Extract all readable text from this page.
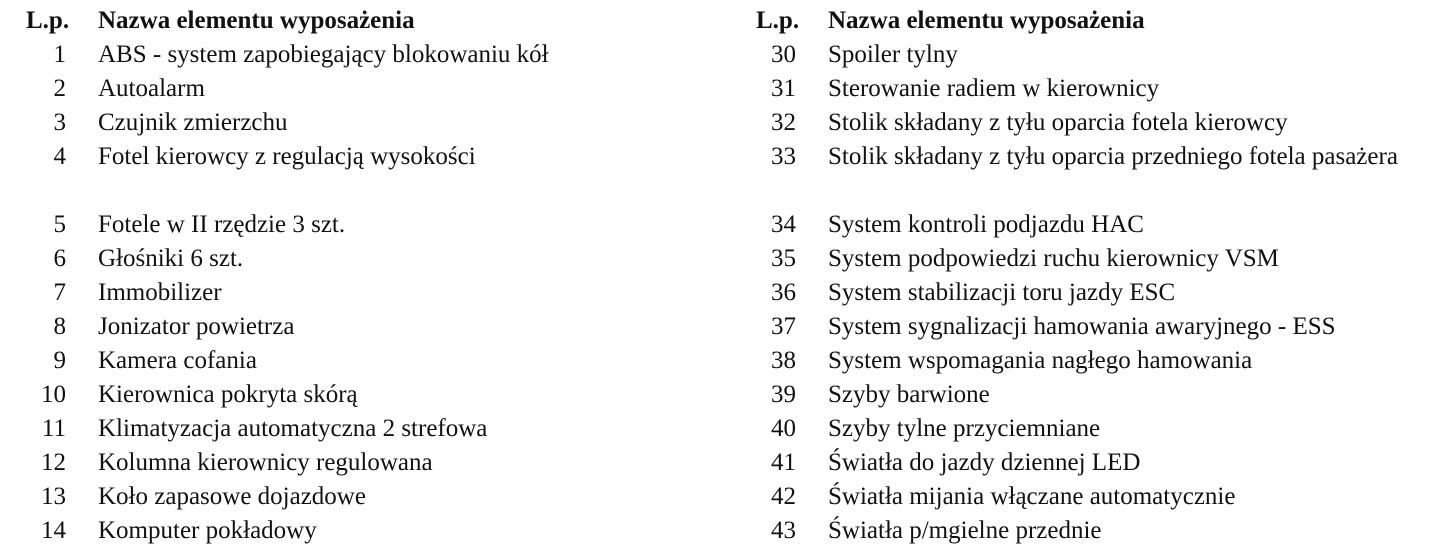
L.p.	Nazwa elementu wyposażenia
1	ABS - system zapobiegający blokowaniu kół
2	Autoalarm
3	Czujnik zmierzchu
4	Fotel kierowcy z regulacją wysokości
5	Fotele w II rzędzie 3 szt.
6	Głośniki 6 szt.
7	Immobilizer
8	Jonizator powietrza
9	Kamera cofania
10	Kierownica pokryta skórą
11	Klimatyzacja automatyczna 2 strefowa
12	Kolumna kierownicy regulowana
13	Koło zapasowe dojazdowe
14	Komputer pokładowy
L.p.	Nazwa elementu wyposażenia
30	Spoiler tylny
31	Sterowanie radiem w kierownicy
32	Stolik składany z tyłu oparcia fotela kierowcy
33	Stolik składany z tyłu oparcia przedniego fotela pasażera
34	System kontroli podjazdu HAC
35	System podpowiedzi ruchu kierownicy VSM
36	System stabilizacji toru jazdy ESC
37	System sygnalizacji hamowania awaryjnego - ESS
38	System wspomagania nagłego hamowania
39	Szyby barwione
40	Szyby tylne przyciemniane
41	Światła do jazdy dziennej LED
42	Światła mijania włączane automatycznie
43	Światła p/mgielne przednie
